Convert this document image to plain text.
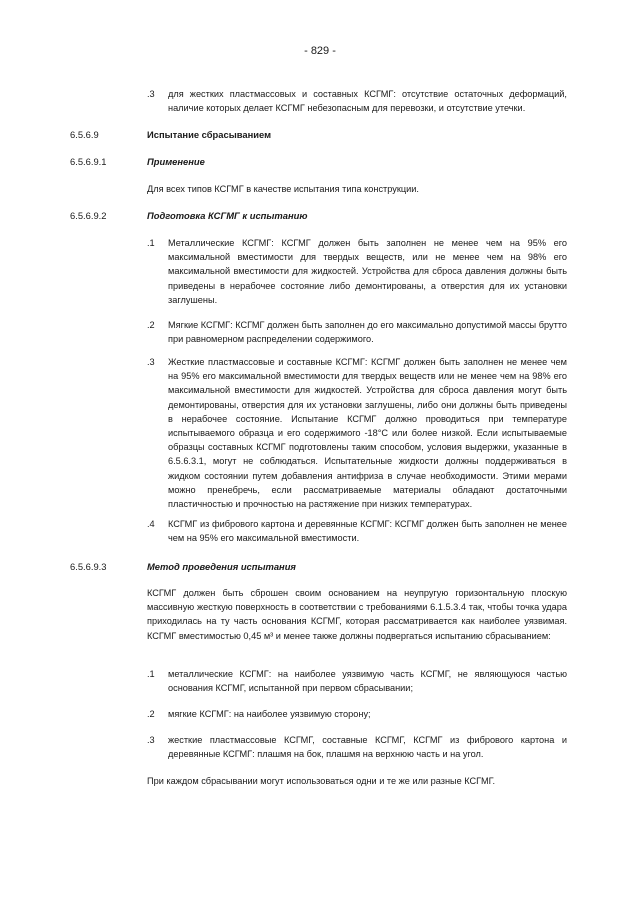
- 829 -
.3	для жестких пластмассовых и составных КСГМГ: отсутствие остаточных деформаций, наличие которых делает КСГМГ небезопасным для перевозки, и отсутствие утечки.
6.5.6.9	Испытание сбрасыванием
6.5.6.9.1	Применение
Для всех типов КСГМГ в качестве испытания типа конструкции.
6.5.6.9.2	Подготовка КСГМГ к испытанию
.1	Металлические КСГМГ: КСГМГ должен быть заполнен не менее чем на 95% его максимальной вместимости для твердых веществ, или не менее чем на 98% его максимальной вместимости для жидкостей. Устройства для сброса давления должны быть приведены в нерабочее состояние либо демонтированы, а отверстия для их установки заглушены.
.2	Мягкие КСГМГ: КСГМГ должен быть заполнен до его максимально допустимой массы брутто при равномерном распределении содержимого.
.3	Жесткие пластмассовые и составные КСГМГ: КСГМГ должен быть заполнен не менее чем на 95% его максимальной вместимости для твердых веществ или не менее чем на 98% его максимальной вместимости для жидкостей. Устройства для сброса давления могут быть демонтированы, отверстия для их установки заглушены, либо они должны быть приведены в нерабочее состояние. Испытание КСГМГ должно проводиться при температуре испытываемого образца и его содержимого -18°С или более низкой. Если испытываемые образцы составных КСГМГ подготовлены таким способом, условия выдержки, указанные в 6.5.6.3.1, могут не соблюдаться. Испытательные жидкости должны поддерживаться в жидком состоянии путем добавления антифриза в случае необходимости. Этими мерами можно пренебречь, если рассматриваемые материалы обладают достаточными пластичностью и прочностью на растяжение при низких температурах.
.4	КСГМГ из фибрового картона и деревянные КСГМГ: КСГМГ должен быть заполнен не менее чем на 95% его максимальной вместимости.
6.5.6.9.3	Метод проведения испытания
КСГМГ должен быть сброшен своим основанием на неупругую горизонтальную плоскую массивную жесткую поверхность в соответствии с требованиями 6.1.5.3.4 так, чтобы точка удара приходилась на ту часть основания КСГМГ, которая рассматривается как наиболее уязвимая. КСГМГ вместимостью 0,45 м³ и менее также должны подвергаться испытанию сбрасыванием:
.1	металлические КСГМГ: на наиболее уязвимую часть КСГМГ, не являющуюся частью основания КСГМГ, испытанной при первом сбрасывании;
.2	мягкие КСГМГ: на наиболее уязвимую сторону;
.3	жесткие пластмассовые КСГМГ, составные КСГМГ, КСГМГ из фибрового картона и деревянные КСГМГ: плашмя на бок, плашмя на верхнюю часть и на угол.
При каждом сбрасывании могут использоваться одни и те же или разные КСГМГ.
